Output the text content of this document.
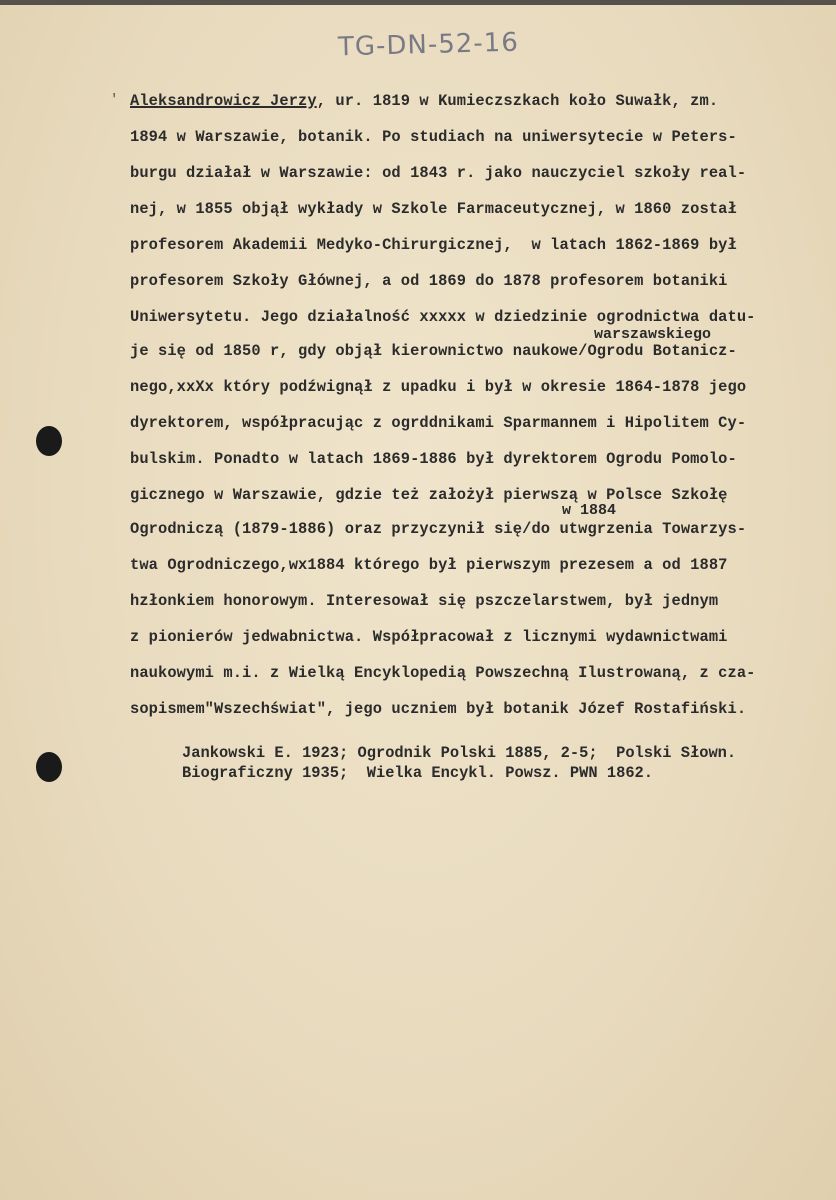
TG-DN-52-16
′ Aleksandrowicz Jerzy, ur. 1819 w Kumieczszkach koło Suwałk, zm.
1894 w Warszawie, botanik. Po studiach na uniwersytecie w Peters-
burgu działał w Warszawie: od 1843 r. jako nauczyciel szkoły real-
nej, w 1855 objął wykłady w Szkole Farmaceutycznej, w 1860 został
profesorem Akademii Medyko-Chirurgicznej,  w latach 1862-1869 był
profesorem Szkoły Głównej, a od 1869 do 1878 profesorem botaniki
Uniwersytetu. Jego działalność xxxxx w dziedzinie ogrodnictwa datu-
warszawskiego
je się od 1850 r, gdy objął kierownictwo naukowe/Ogrodu Botanicz-
nego,xxXx który podźwignął z upadku i był w okresie 1864-1878 jego
dyrektorem, współpracując z ogrddnikami Sparmannem i Hipolitem Cy-
bulskim. Ponadto w latach 1869-1886 był dyrektorem Ogrodu Pomolo-
gicznego w Warszawie, gdzie też założył pierwszą w Polsce Szkołę
w 1884
Ogrodniczą (1879-1886) oraz przyczynił się/do utwgrzenia Towarzys-
twa Ogrodniczego,wx1884 którego był pierwszym prezesem a od 1887
hzłonkiem honorowym. Interesował się pszczelarstwem, był jednym
z pionierów jedwabnictwa. Współpracował z licznymi wydawnictwami
naukowymi m.i. z Wielką Encyklopedią Powszechną Ilustrowaną, z cza-
sopismem"Wszechświat", jego uczniem był botanik Józef Rostafiński.
Jankowski E. 1923; Ogrodnik Polski 1885, 2-5;  Polski Słown.
Biograficzny 1935;  Wielka Encykl. Powsz. PWN 1862.
